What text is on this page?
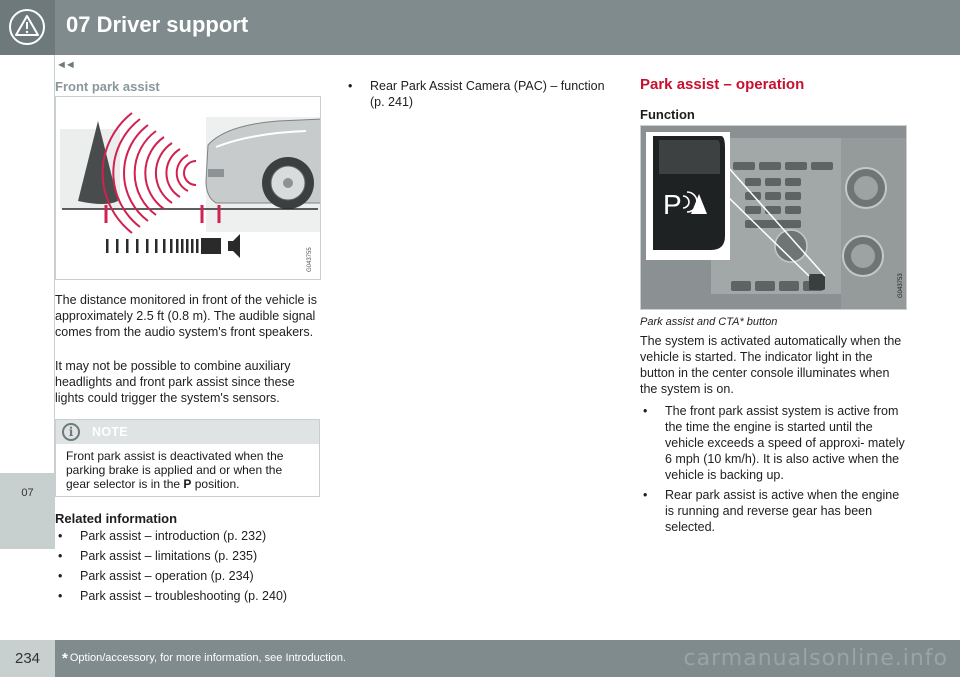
07 Driver support
07
◄◄
Front park assist
G043755
The distance monitored in front of the vehicle is approximately 2.5 ft (0.8 m). The audible signal comes from the audio system's front speakers.
It may not be possible to combine auxiliary headlights and front park assist since these lights could trigger the system's sensors.
i	NOTE
Front park assist is deactivated when the parking brake is applied and or when the gear selector is in the P position.
Related information
• Park assist – introduction (p. 232)
• Park assist – limitations (p. 235)
• Park assist – operation (p. 234)
• Park assist – troubleshooting (p. 240)
• Rear Park Assist Camera (PAC) – function (p. 241)
Park assist – operation
Function
P
G043753
Park assist and CTA* button
The system is activated automatically when the vehicle is started. The indicator light in the button in the center console illuminates when the system is on.
• The front park assist system is active from the time the engine is started until the vehicle exceeds a speed of approxi- mately 6 mph (10 km/h). It is also active when the vehicle is backing up.
• Rear park assist is active when the engine is running and reverse gear has been selected.
234	* Option/accessory, for more information, see Introduction.	carmanualsonline.info
